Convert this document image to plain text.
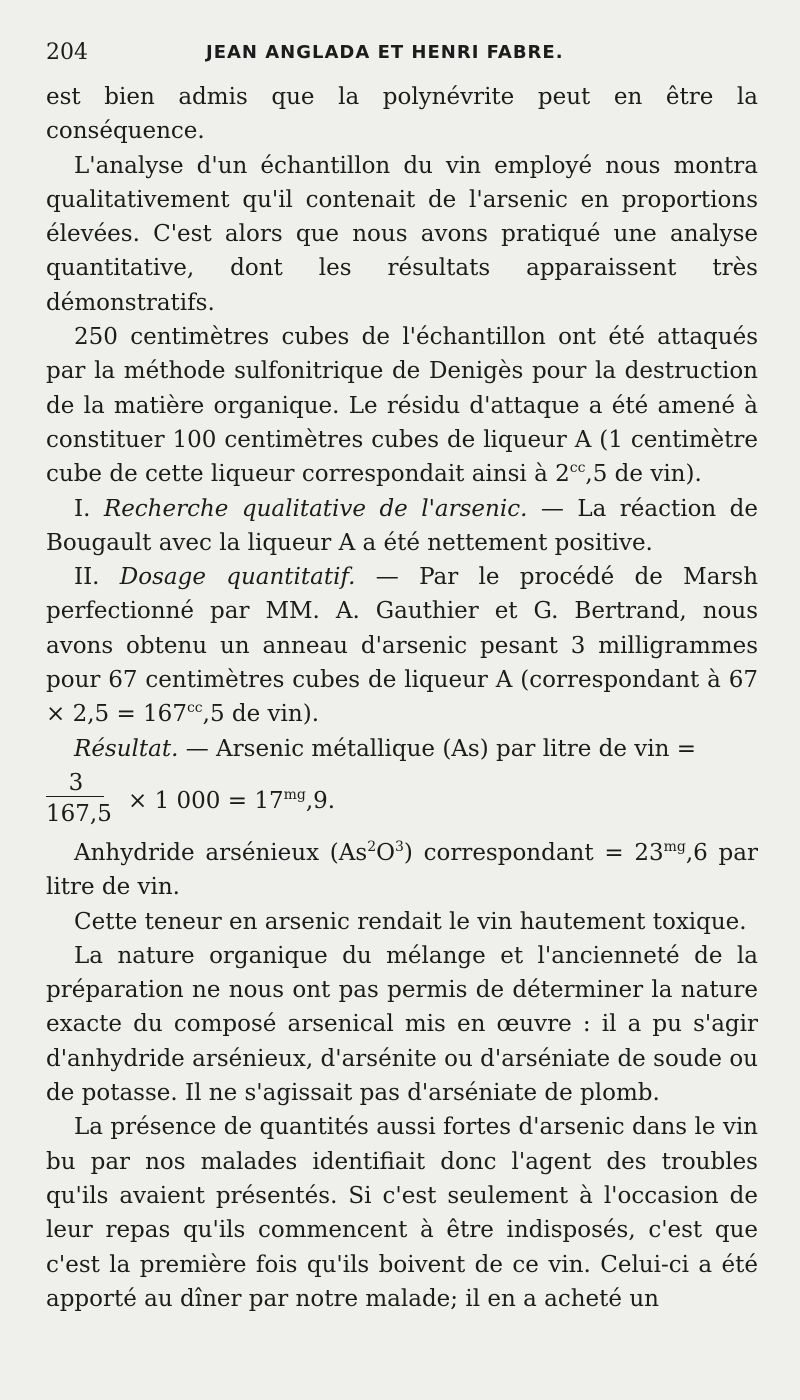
204	JEAN ANGLADA ET HENRI FABRE.

est bien admis que la polynévrite peut en être la conséquence.

L'analyse d'un échantillon du vin employé nous montra qualitativement qu'il contenait de l'arsenic en proportions élevées. C'est alors que nous avons pratiqué une analyse quantitative, dont les résultats apparaissent très démonstratifs.

250 centimètres cubes de l'échantillon ont été attaqués par la méthode sulfonitrique de Denigès pour la destruction de la matière organique. Le résidu d'attaque a été amené à constituer 100 centimètres cubes de liqueur A (1 centimètre cube de cette liqueur correspondait ainsi à $2^{cc},5$ de vin).

I. Recherche qualitative de l'arsenic. — La réaction de Bougault avec la liqueur A a été nettement positive.

II. Dosage quantitatif. — Par le procédé de Marsh perfectionné par MM. A. Gauthier et G. Bertrand, nous avons obtenu un anneau d'arsenic pesant 3 milligrammes pour 67 centimètres cubes de liqueur A (correspondant à $67 \times 2,5 = 167^{cc},5$ de vin).

Résultat. — Arsenic métallique (As) par litre de vin =

3
167,5 × 1 $000 = 17^{mg},9$.

Anhydride arsénieux $(As^2O^3)$ correspondant = $23^{mg},6$ par litre de vin.

Cette teneur en arsenic rendait le vin hautement toxique.

La nature organique du mélange et l'ancienneté de la préparation ne nous ont pas permis de déterminer la nature exacte du composé arsenical mis en œuvre : il a pu s'agir d'anhydride arsénieux, d'arsénite ou d'arséniate de soude ou de potasse. Il ne s'agissait pas d'arséniate de plomb.

La présence de quantités aussi fortes d'arsenic dans le vin bu par nos malades identifiait donc l'agent des troubles qu'ils avaient présentés. Si c'est seulement à l'occasion de leur repas qu'ils commencent à être indisposés, c'est que c'est la première fois qu'ils boivent de ce vin. Celui-ci a été apporté au dîner par notre malade; il en a acheté un
